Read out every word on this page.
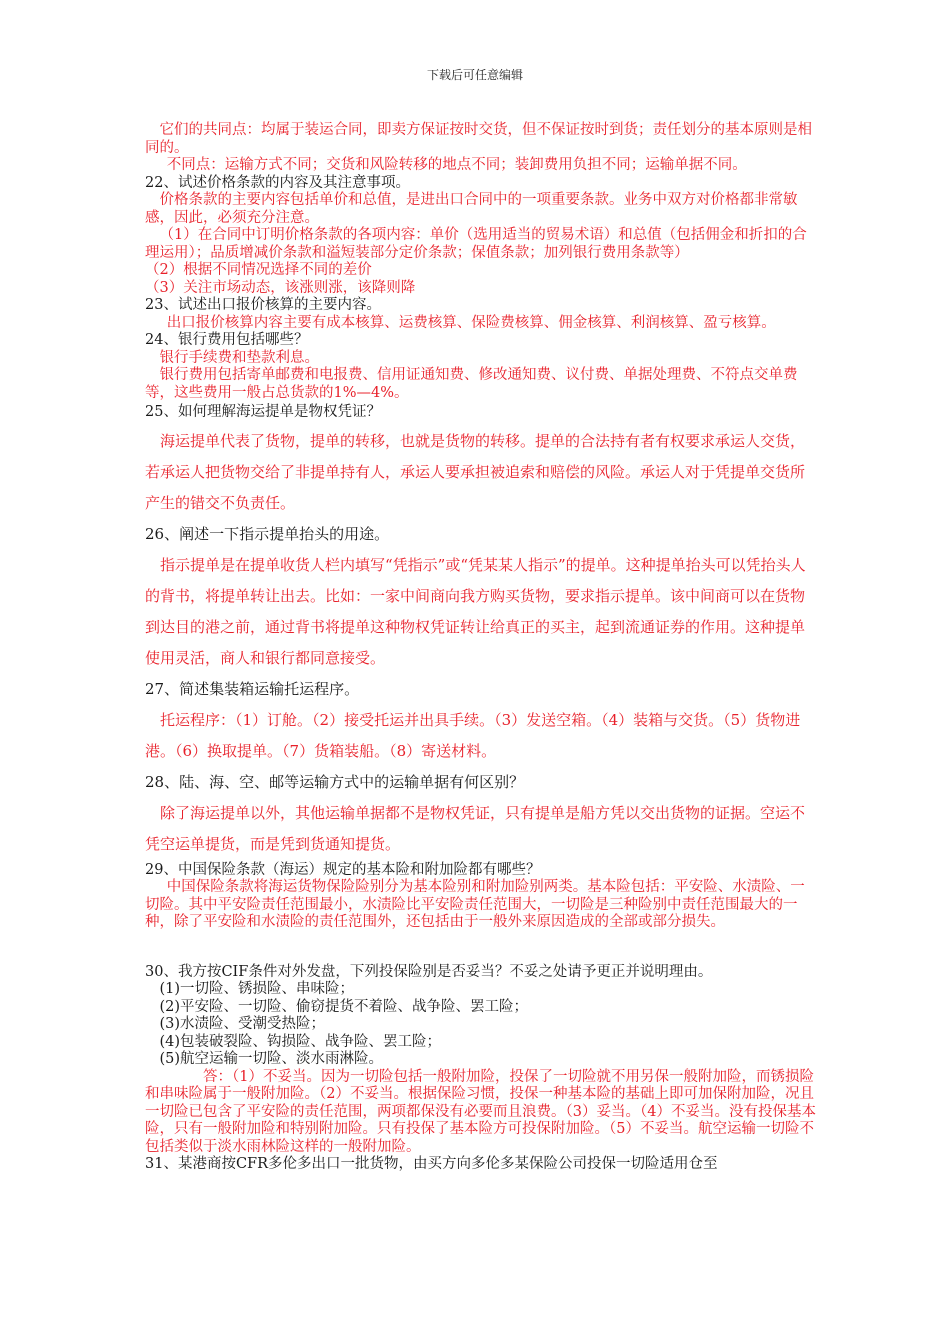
下载后可任意编辑

它们的共同点：均属于装运合同，即卖方保证按时交货，但不保证按时到货；责任划分的基本原则是相同的。

不同点：运输方式不同；交货和风险转移的地点不同；装卸费用负担不同；运输单据不同。

22、试述价格条款的内容及其注意事项。

价格条款的主要内容包括单价和总值，是进出口合同中的一项重要条款。业务中双方对价格都非常敏感，因此，必须充分注意。

（1）在合同中订明价格条款的各项内容：单价（选用适当的贸易术语）和总值（包括佣金和折扣的合理运用）；品质增减价条款和溢短装部分定价条款；保值条款；加列银行费用条款等）

（2）根据不同情况选择不同的差价

（3）关注市场动态，该涨则涨，该降则降

23、试述出口报价核算的主要内容。

出口报价核算内容主要有成本核算、运费核算、保险费核算、佣金核算、利润核算、盈亏核算。

24、银行费用包括哪些？

银行手续费和垫款利息。

银行费用包括寄单邮费和电报费、信用证通知费、修改通知费、议付费、单据处理费、不符点交单费等，这些费用一般占总货款的1%—4%。

25、如何理解海运提单是物权凭证？

海运提单代表了货物，提单的转移，也就是货物的转移。提单的合法持有者有权要求承运人交货，若承运人把货物交给了非提单持有人，承运人要承担被追索和赔偿的风险。承运人对于凭提单交货所产生的错交不负责任。

26、阐述一下指示提单抬头的用途。

指示提单是在提单收货人栏内填写“凭指示”或“凭某某人指示”的提单。这种提单抬头可以凭抬头人的背书，将提单转让出去。比如：一家中间商向我方购买货物，要求指示提单。该中间商可以在货物到达目的港之前，通过背书将提单这种物权凭证转让给真正的买主，起到流通证券的作用。这种提单使用灵活，商人和银行都同意接受。

27、简述集装箱运输托运程序。

托运程序：（1）订舱。（2）接受托运并出具手续。（3）发送空箱。（4）装箱与交货。（5）货物进港。（6）换取提单。（7）货箱装船。（8）寄送材料。

28、陆、海、空、邮等运输方式中的运输单据有何区别？

除了海运提单以外，其他运输单据都不是物权凭证，只有提单是船方凭以交出货物的证据。空运不凭空运单提货，而是凭到货通知提货。

29、中国保险条款（海运）规定的基本险和附加险都有哪些？

中国保险条款将海运货物保险险别分为基本险别和附加险别两类。基本险包括：平安险、水渍险、一切险。其中平安险责任范围最小，水渍险比平安险责任范围大，一切险是三种险别中责任范围最大的一种，除了平安险和水渍险的责任范围外，还包括由于一般外来原因造成的全部或部分损失。

30、我方按CIF条件对外发盘，下列投保险别是否妥当？不妥之处请予更正并说明理由。

(1)一切险、锈损险、串味险；

(2)平安险、一切险、偷窃提货不着险、战争险、罢工险；

(3)水渍险、受潮受热险；

(4)包装破裂险、钩损险、战争险、罢工险；

(5)航空运输一切险、淡水雨淋险。

答：（1）不妥当。因为一切险包括一般附加险，投保了一切险就不用另保一般附加险，而锈损险和串味险属于一般附加险。（2）不妥当。根据保险习惯，投保一种基本险的基础上即可加保附加险，况且一切险已包含了平安险的责任范围，两项都保没有必要而且浪费。（3）妥当。（4）不妥当。没有投保基本险，只有一般附加险和特别附加险。只有投保了基本险方可投保附加险。（5）不妥当。航空运输一切险不包括类似于淡水雨林险这样的一般附加险。

31、某港商按CFR多伦多出口一批货物，由买方向多伦多某保险公司投保一切险适用仓至
